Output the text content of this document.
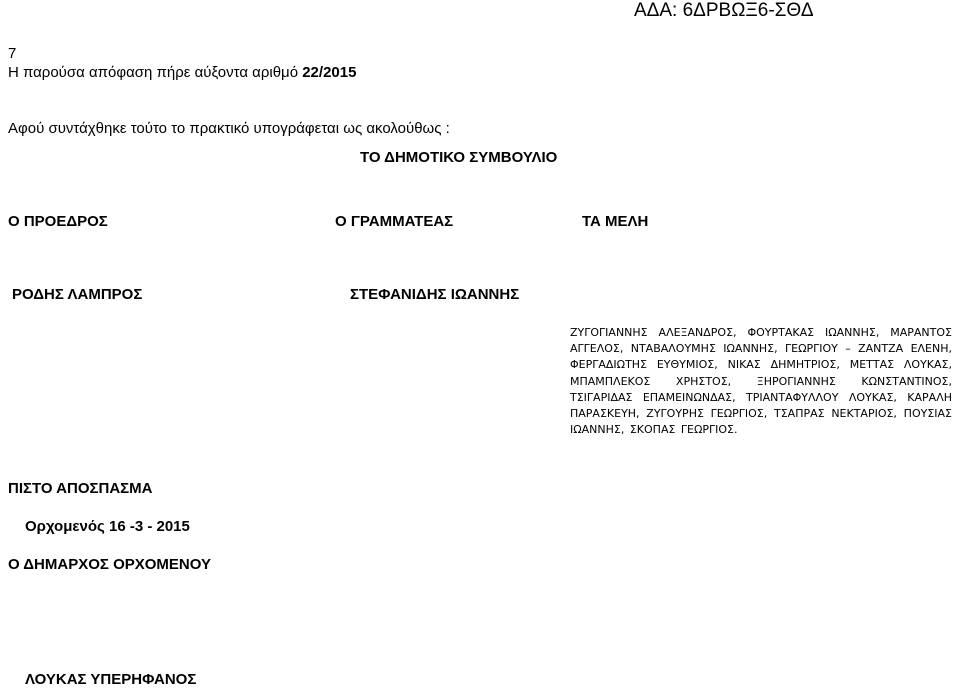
ΑΔΑ: 6ΔΡΒΩΞ6-ΣΘΔ
7
Η παρούσα απόφαση πήρε αύξοντα αριθμό 22/2015
Αφού συντάχθηκε τούτο το πρακτικό υπογράφεται ως ακολούθως :
ΤΟ ΔΗΜΟΤΙΚΟ ΣΥΜΒΟΥΛΙΟ
Ο ΠΡΟΕΔΡΟΣ	Ο ΓΡΑΜΜΑΤΕΑΣ	ΤΑ ΜΕΛΗ
ΡΟΔΗΣ ΛΑΜΠΡΟΣ	ΣΤΕΦΑΝΙΔΗΣ ΙΩΑΝΝΗΣ
ΖΥΓΟΓΙΑΝΝΗΣ ΑΛΕΞΑΝΔΡΟΣ, ΦΟΥΡΤΑΚΑΣ ΙΩΑΝΝΗΣ, ΜΑΡΑΝΤΟΣ ΑΓΓΕΛΟΣ, ΝΤΑΒΑΛΟΥΜΗΣ ΙΩΑΝΝΗΣ, ΓΕΩΡΓΙΟΥ – ΖΑΝΤΖΑ ΕΛΕΝΗ, ΦΕΡΓΑΔΙΩΤΗΣ ΕΥΘΥΜΙΟΣ, ΝΙΚΑΣ ΔΗΜΗΤΡΙΟΣ, ΜΕΤΤΑΣ ΛΟΥΚΑΣ, ΜΠΑΜΠΛΕΚΟΣ ΧΡΗΣΤΟΣ, ΞΗΡΟΓΙΑΝΝΗΣ ΚΩΝΣΤΑΝΤΙΝΟΣ, ΤΣΙΓΑΡΙΔΑΣ ΕΠΑΜΕΙΝΩΝΔΑΣ, ΤΡΙΑΝΤΑΦΥΛΛΟΥ ΛΟΥΚΑΣ, ΚΑΡΑΛΗ ΠΑΡΑΣΚΕΥΗ, ΖΥΓΟΥΡΗΣ ΓΕΩΡΓΙΟΣ, ΤΣΑΠΡΑΣ ΝΕΚΤΑΡΙΟΣ, ΠΟΥΣΙΑΣ ΙΩΑΝΝΗΣ, ΣΚΟΠΑΣ ΓΕΩΡΓΙΟΣ.
ΠΙΣΤΟ ΑΠΟΣΠΑΣΜΑ
Ορχομενός 16 -3 - 2015
Ο ΔΗΜΑΡΧΟΣ ΟΡΧΟΜΕΝΟΥ
ΛΟΥΚΑΣ ΥΠΕΡΗΦΑΝΟΣ
